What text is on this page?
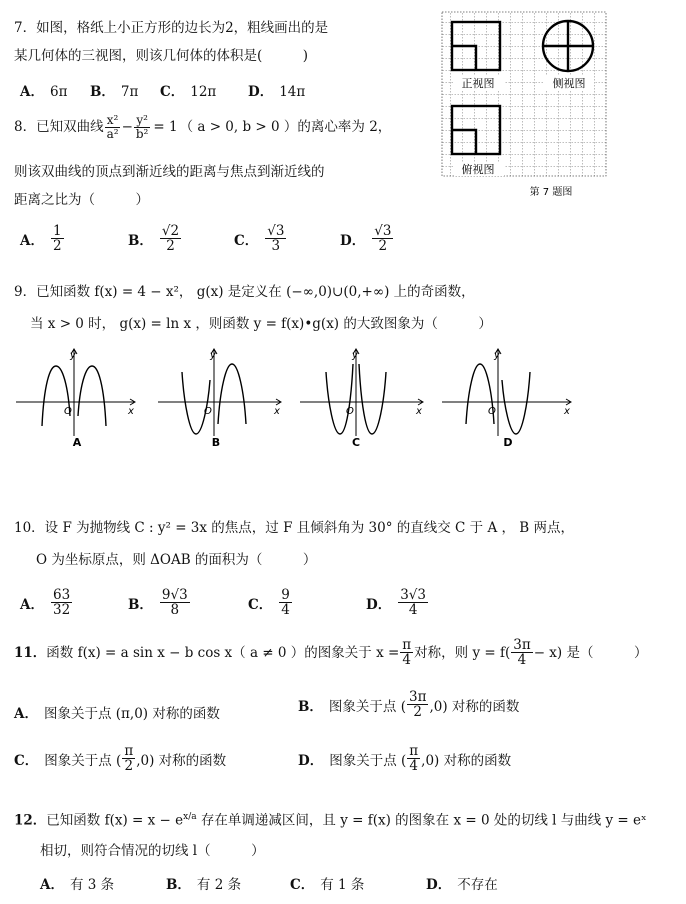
7．如图，格纸上小正方形的边长为2，粗线画出的是
某几何体的三视图，则该几何体的体积是(　　　)
A． 6π B． 7π C． 12π D． 14π
正视图	侧视图
俯视图
第 7 题图
8．已知双曲线 $\frac{\text{x²}}{\text{a²}} - \frac{\text{y²}}{\text{b²}} = 1$ （ a > 0, b > 0 ）的离心率为 2，
则该双曲线的顶点到渐近线的距离与焦点到渐近线的
距离之比为（　　　）
A． $\frac{1}{2}$	B． $\frac{√2}{2}$	C． $\frac{√3}{3}$	D． $\frac{√3}{2}$
9．已知函数 f(x) = 4 − x²， g(x) 是定义在 (−∞,0)∪(0,+∞) 上的奇函数，
当 x > 0 时， g(x) = ln x ，则函数 y = f(x)•g(x) 的大致图象为（　　　）
y
x
O
A
y
x
O
B
y
x
O
C
y
x
O
D
10．设 F 为抛物线 C : y² = 3x 的焦点，过 F 且倾斜角为 30° 的直线交 C 于 A ， B 两点，
O 为坐标原点，则 ΔOAB 的面积为（　　　）
A． $\frac{63}{32}$	B． $\frac{9√3}{8}$	C． $\frac{9}{4}$	D． $\frac{3√3}{4}$
11． 函数 f(x) = a sin x − b cos x（ a ≠ 0 ）的图象关于 $x = \frac{\pi}{4}$ 对称，则 $y = f( \frac{3\pi}{4} - x)$ 是（　　　）
A． 图象关于点 (π,0) 对称的函数	B． 图象关于点 ( $\frac{3\pi}{2} ,0$) 对称的函数
C． 图象关于点 ( $\frac{\pi}{2} ,0$) 对称的函数	D． 图象关于点 ( $\frac{\pi}{4} ,0$) 对称的函数
12．已知函数 $f(x) = x - e^{x/a}$ 存在单调递减区间，且 y = f(x) 的图象在 x = 0 处的切线 l 与曲线 y = eˣ
相切，则符合情况的切线 l（　　　）
A． 有 3 条	B． 有 2 条	C． 有 1 条	D． 不存在
